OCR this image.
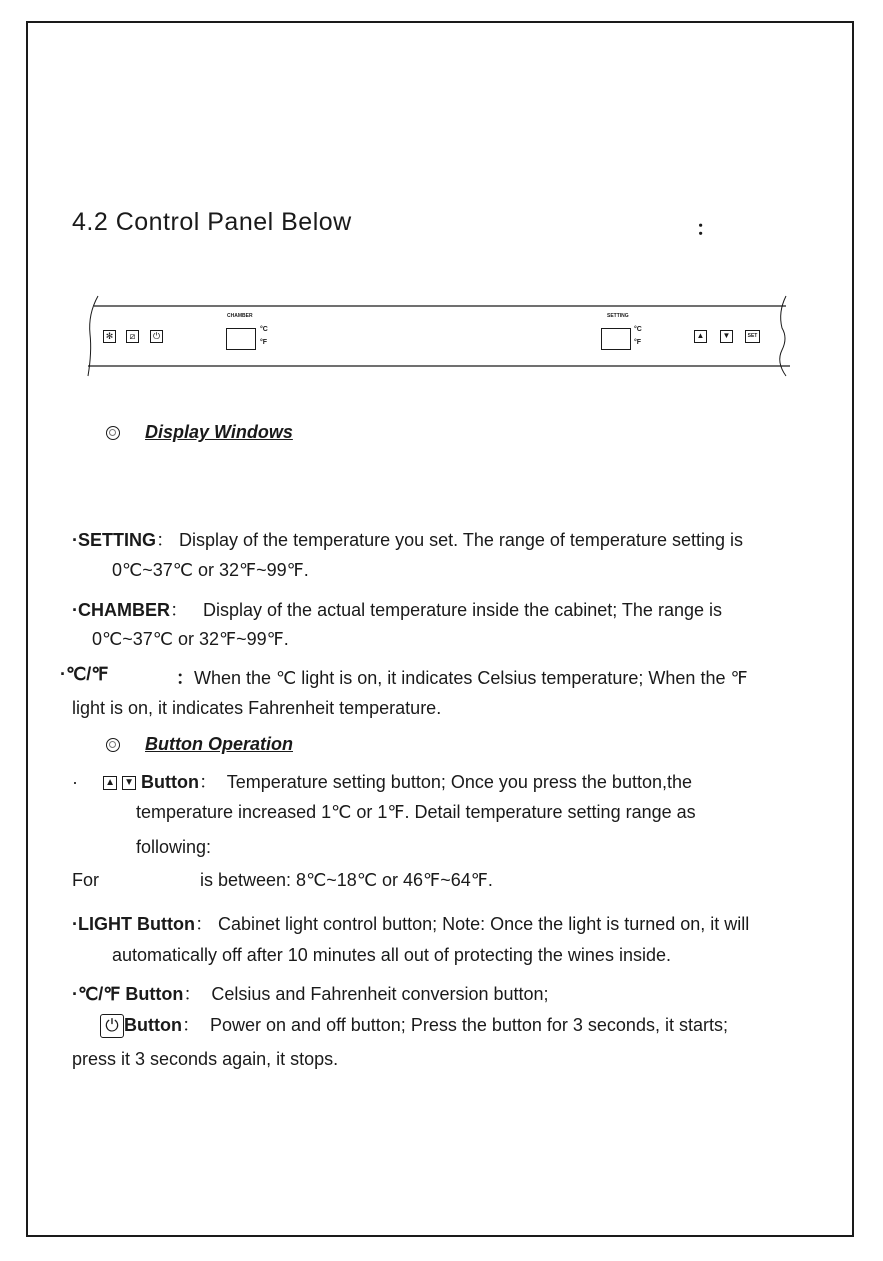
4.2 Control Panel Below	：
✻	⧄	⏻
CHAMBER
°C
°F
SETTING
°C
°F
▲	▼	SET
Display Windows
·SETTING： Display of the temperature you set. The range of temperature setting is
0℃~37℃ or 32℉~99℉.
·CHAMBER： Display of the actual temperature inside the cabinet; The range is
0℃~37℃ or 32℉~99℉.
·℃/℉	：When the ℃ light is on, it indicates Celsius temperature; When the ℉
light is on, it indicates Fahrenheit temperature.
Button Operation
·	▲ ▼ Button： Temperature setting button; Once you press the button,the
temperature increased 1℃ or 1℉. Detail temperature setting range as
following:
For	is between: 8℃~18℃ or 46℉~64℉.
·LIGHT Button： Cabinet light control button; Note: Once the light is turned on, it will
automatically off after 10 minutes all out of protecting the wines inside.
·℃/℉ Button： Celsius and Fahrenheit conversion button;
⏻ Button： Power on and off button; Press the button for 3 seconds, it starts;
press it 3 seconds again, it stops.
